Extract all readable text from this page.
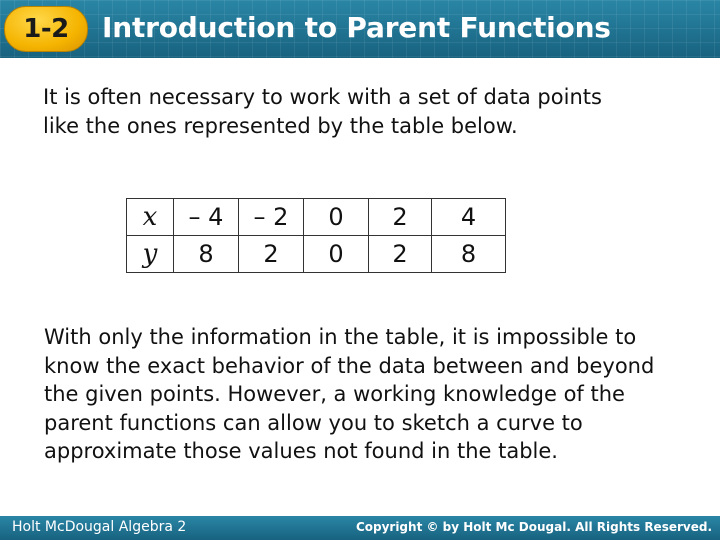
1-2	Introduction to Parent Functions

It is often necessary to work with a set of data points like the ones represented by the table below.

x	– 4	– 2	0	2	4
y	8	2	0	2	8

With only the information in the table, it is impossible to know the exact behavior of the data between and beyond the given points. However, a working knowledge of the parent functions can allow you to sketch a curve to approximate those values not found in the table.

Holt McDougal Algebra 2	Copyright © by Holt Mc Dougal. All Rights Reserved.
